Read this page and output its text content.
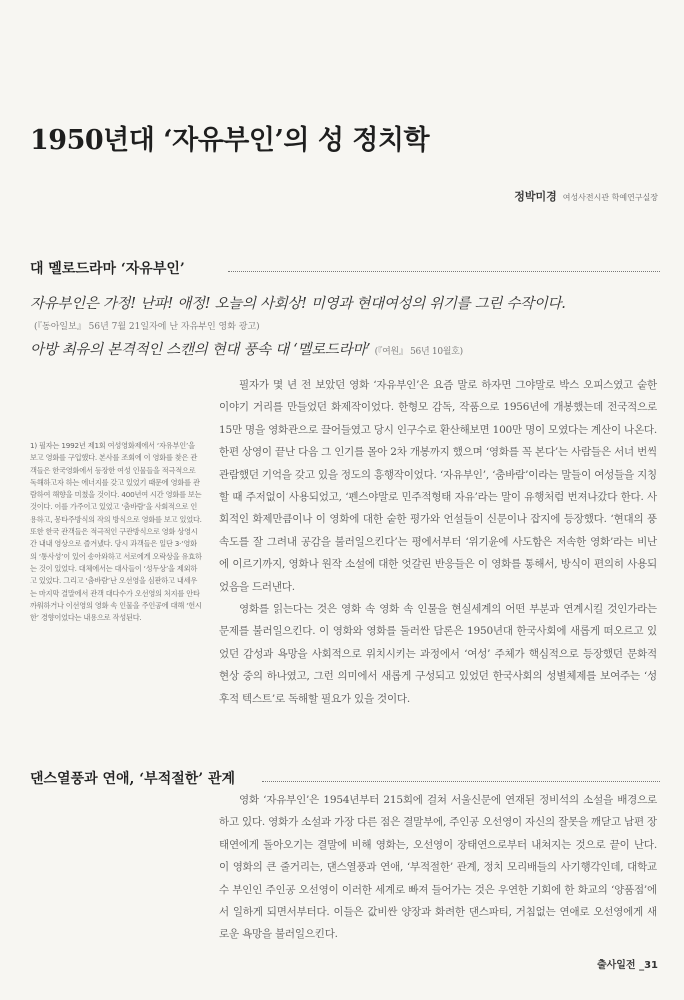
1950년대 ‘자유부인’의 성 정치학
정박미경 여성사전시관 학예연구실장
대 멜로드라마 ‘자유부인’
자유부인은 가정! 난파! 애정! 오늘의 사회상! 미영과 현대여성의 위기를 그린 수작이다.
(『동아일보』 56년 7월 21일자에 난 자유부인 영화 광고)
아방 최유의 본격적인 스캔의 현대 풍속 대 ‘멜로드라마’ (『여원』 56년 10월호)

필자가 몇 년 전 보았던 영화 ‘자유부인’은 요즘 말로 하자면 그야말로 박스 오피스였고 숱한 이야기 거리를 만들었던 화제작이었다. 한형모 감독, 작품으로 1956년에 개봉했는데 전국적으로 15만 명을 영화관으로 끌어들였고 당시 인구수로 환산해보면 100만 명이 모였다는 계산이 나온다. 한편 상영이 끝난 다음 그 인기를 몰아 2차 개봉까지 했으며 ‘영화를 꼭 본다’는 사람들은 서너 번씩 관람했던 기억을 갖고 있을 정도의 흥행작이었다. ‘자유부인’, ‘춤바람’이라는 말들이 여성들을 지칭할 때 주저없이 사용되었고, ‘펜스야말로 민주적형태 자유’라는 말이 유행처럼 번져나갔다 한다. 사회적인 화제만큼이나 이 영화에 대한 숱한 평가와 언설들이 신문이나 잡지에 등장했다. ‘현대의 풍속도를 잘 그려내 공감을 불러일으킨다’는 평에서부터 ‘위기윤에 사도함은 저속한 영화’라는 비난에 이르기까지, 영화나 원작 소설에 대한 엇갈린 반응들은 이 영화를 통해서, 방식이 편의히 사용되었음을 드러낸다.

영화를 읽는다는 것은 영화 속 영화 속 인물을 현실세계의 어떤 부분과 연계시킬 것인가라는 문제를 불러일으킨다. 이 영화와 영화를 둘러싼 담론은 1950년대 한국사회에 새롭게 떠오르고 있었던 감성과 욕망을 사회적으로 위치시키는 과정에서 ‘여성’ 주체가 핵심적으로 등장했던 문화적 현상 중의 하나였고, 그런 의미에서 새롭게 구성되고 있었던 한국사회의 성별체제를 보여주는 ‘성후적 텍스트’로 독해할 필요가 있을 것이다.

1) 필자는 1992년 제1회 여성영화제에서 ‘자유부인’을 보고 영화를 구입했다. 본사를 조회에 이 영화를 찾은 관객들은 한국영화에서 등장한 여성 인물들을 적극적으로 독해하고자 하는 에너지를 갖고 있었기 때문에 영화를 관람하여 해향을 미쳤을 것이다. 400년여 시간 영화를 보는 것이다. 이를 가주이고 있었고 ‘춤바람’을 사회적으로 인용하고, 몽타주방식의 작의 방식으로 영화를 보고 있었다. 또한 한국 관객들은 적극적인 구관방식으로 영화 상영시간 내내 영상으로 즐겨냈다. 당시 과객들은 일단 3·‘영화의 ‘통사성’이 있어 송아와하고 서로에게 오락상을 유효하는 것이 있었다. 대체에서는 대사들이 ‘성두상’을 제외하고 있었다. 그리고 ‘춤바람’난 오선영을 심판하고 내세우는 마지막 결말에서 관객 대다수가 오선영의 처지를 안타까워하거나 이선영의 영화 속 인물을 주인공에 대해 ‘헌시한’ 경향이었다는 내용으로 작성된다.
댄스열풍과 연애, ‘부적절한’ 관계

영화 ‘자유부인’은 1954년부터 215회에 걸쳐 서울신문에 연재된 정비석의 소설을 배경으로 하고 있다. 영화가 소설과 가장 다른 점은 결말부에, 주인공 오선영이 자신의 잘못을 깨닫고 남편 장태연에게 돌아오기는 결말에 비해 영화는, 오선영이 장태연으로부터 내쳐지는 것으로 끝이 난다. 이 영화의 큰 줄거리는, 댄스열풍과 연애, ‘부적절한’ 관계, 정치 모리배들의 사기행각인데, 대학교수 부인인 주인공 오선영이 이러한 세계로 빠져 들어가는 것은 우연한 기회에 한 화교의 ‘양품점’에서 일하게 되면서부터다. 이들은 값비싼 양장과 화려한 댄스파티, 거침없는 연애로 오선영에게 새로운 욕망을 불러일으킨다.

출사일전 _31
